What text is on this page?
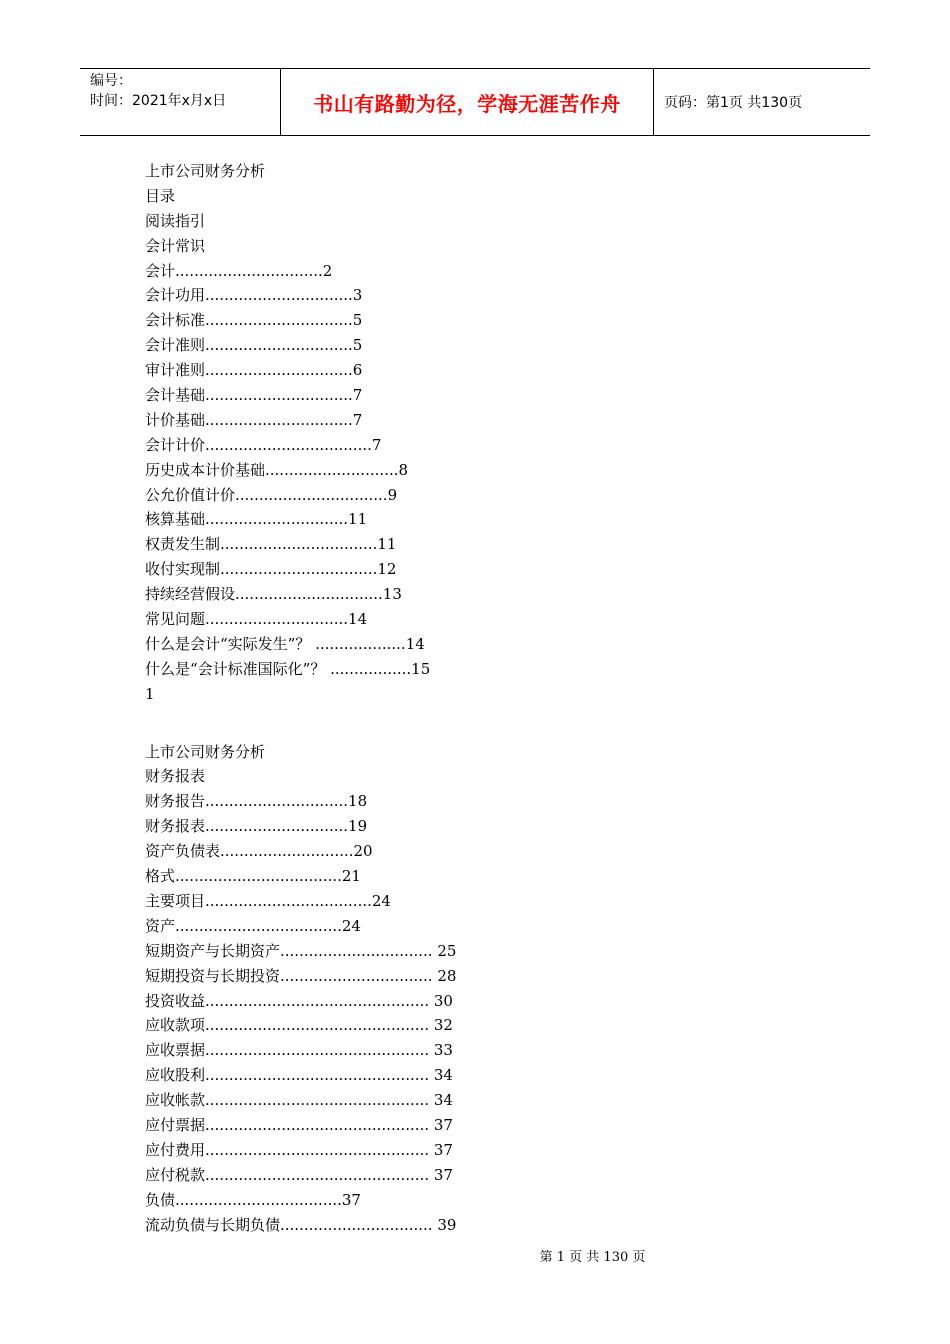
编号：
时间：2021年x月x日	书山有路勤为径，学海无涯苦作舟	页码：第1页 共130页
上市公司财务分析
目录
阅读指引
会计常识
会计...............................2
会计功用...............................3
会计标准...............................5
会计准则...............................5
审计准则...............................6
会计基础...............................7
计价基础...............................7
会计计价...................................7
历史成本计价基础............................8
公允价值计价................................9
核算基础..............................11
权责发生制.................................11
收付实现制.................................12
持续经营假设...............................13
常见问题..............................14
什么是会计“实际发生”？ ...................14
什么是“会计标准国际化”？ .................15
1
上市公司财务分析
财务报表
财务报告..............................18
财务报表..............................19
资产负债表............................20
格式...................................21
主要项目...................................24
资产...................................24
短期资产与长期资产................................ 25
短期投资与长期投资................................ 28
投资收益............................................... 30
应收款项............................................... 32
应收票据............................................... 33
应收股利............................................... 34
应收帐款............................................... 34
应付票据............................................... 37
应付费用............................................... 37
应付税款............................................... 37
负债...................................37
流动负债与长期负债................................ 39
第 1 页 共 130 页
